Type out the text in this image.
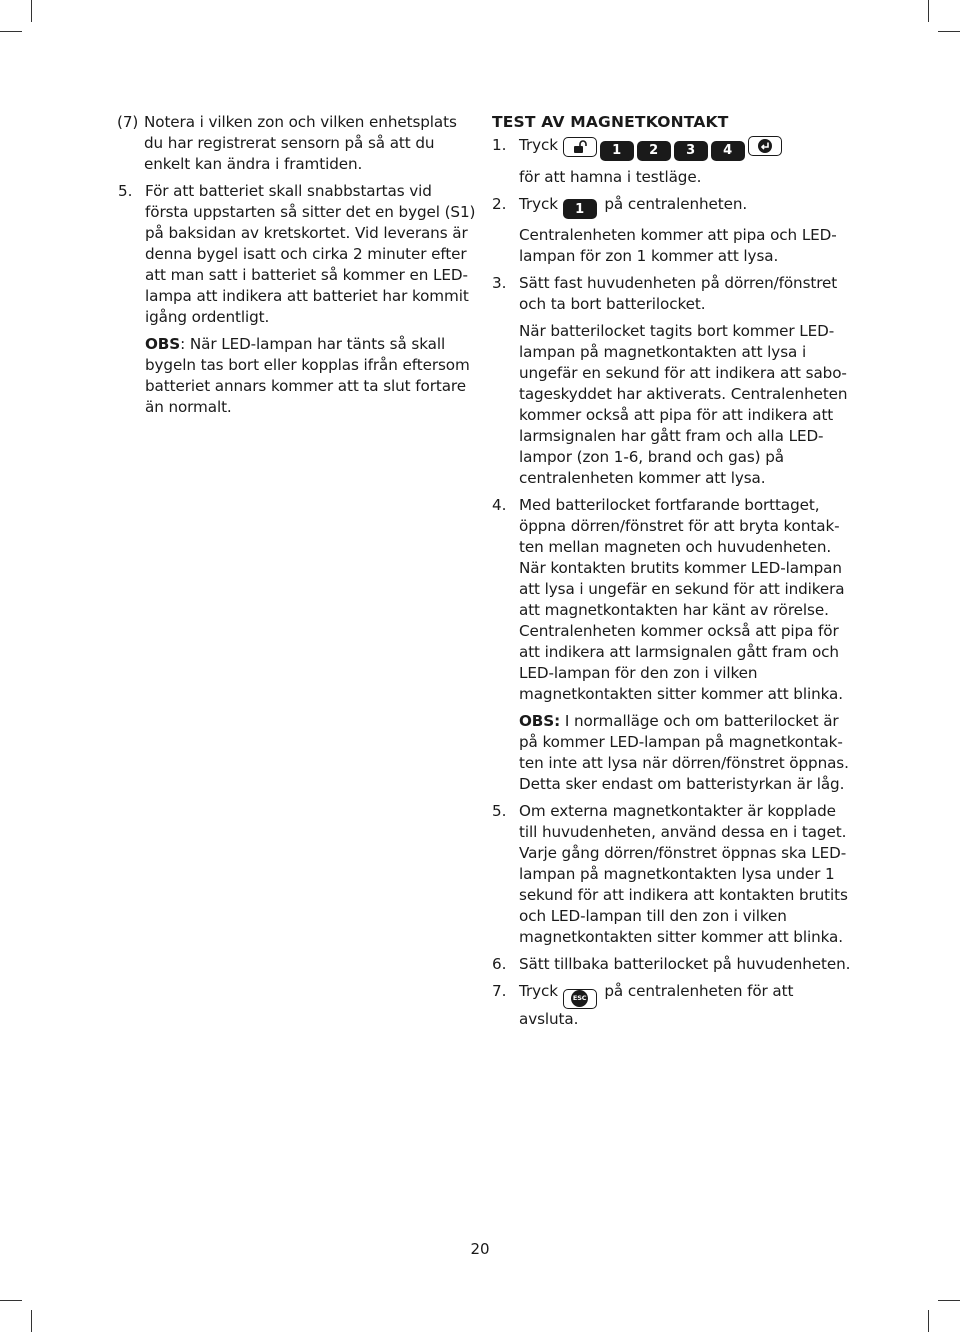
(7) Notera i vilken zon och vilken enhetsplats du har registrerat sensorn på så att du enkelt kan ändra i framtiden.
5. För att batteriet skall snabbstartas vid första uppstarten så sitter det en bygel (S1) på baksidan av kretskortet. Vid leverans är denna bygel isatt och cirka 2 minuter efter att man satt i batteriet så kommer en LED-lampa att indikera att batteriet har kommit igång ordentligt.
OBS: När LED-lampan har tänts så skall bygeln tas bort eller kopplas ifrån eftersom batteriet annars kommer att ta slut fortare än normalt.
TEST AV MAGNETKONTAKT
1. Tryck	1 2 3 4
för att hamna i testläge.
2. Tryck 1 på centralenheten.
Centralenheten kommer att pipa och LED-lampan för zon 1 kommer att lysa.
3. Sätt fast huvudenheten på dörren/fönstret och ta bort batterilocket.
När batterilocket tagits bort kommer LED-lampan på magnetkontakten att lysa i ungefär en sekund för att indikera att sabotageskyddet har aktiverats. Centralenheten kommer också att pipa för att indikera att larmsignalen har gått fram och alla LED-lampor (zon 1-6, brand och gas) på centralenheten kommer att lysa.
4. Med batterilocket fortfarande borttaget, öppna dörren/fönstret för att bryta kontakten mellan magneten och huvudenheten. När kontakten brutits kommer LED-lampan att lysa i ungefär en sekund för att indikera att magnetkontakten har känt av rörelse. Centralenheten kommer också att pipa för att indikera att larmsignalen gått fram och LED-lampan för den zon i vilken magnetkontakten sitter kommer att blinka.
OBS: I normalläge och om batterilocket är på kommer LED-lampan på magnetkontakten inte att lysa när dörren/fönstret öppnas. Detta sker endast om batteristyrkan är låg.
5. Om externa magnetkontakter är kopplade till huvudenheten, använd dessa en i taget. Varje gång dörren/fönstret öppnas ska LED-lampan på magnetkontakten lysa under 1 sekund för att indikera att kontakten brutits och LED-lampan till den zon i vilken magnetkontakten sitter kommer att blinka.
6. Sätt tillbaka batterilocket på huvudenheten.
7. Tryck ESC på centralenheten för att avsluta.
20
